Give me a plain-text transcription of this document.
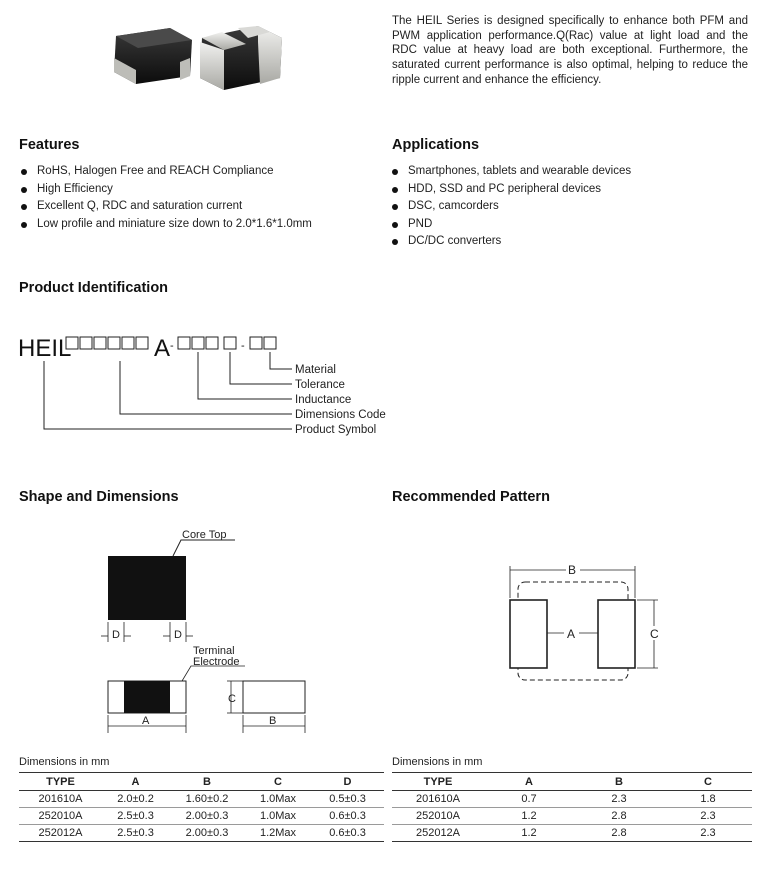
The HEIL Series is designed specifically to enhance both PFM and PWM application performance.Q(Rac) value at light load and the RDC value at heavy load are both exceptional. Furthermore, the saturated current performance is also optimal, helping to reduce the ripple current and enhance the efficiency.

Features
RoHS, Halogen Free and REACH Compliance
High Efficiency
Excellent Q, RDC and saturation current
Low profile and miniature size down to 2.0*1.6*1.0mm
Applications
Smartphones, tablets and wearable devices
HDD, SSD and PC peripheral devices
DSC, camcorders
PND
DC/DC converters
Product Identification
HEIL	A -	-
Material
Tolerance
Inductance
Dimensions Code
Product Symbol
Shape and Dimensions
Core Top
D	D
Terminal
Electrode
A
C
B
Recommended Pattern
B
A	C
Dimensions in mm
TYPE	A	B	C	D
201610A	2.0±0.2	1.60±0.2	1.0Max	0.5±0.3
252010A	2.5±0.3	2.00±0.3	1.0Max	0.6±0.3
252012A	2.5±0.3	2.00±0.3	1.2Max	0.6±0.3
Dimensions in mm
TYPE	A	B	C
201610A	0.7	2.3	1.8
252010A	1.2	2.8	2.3
252012A	1.2	2.8	2.3
